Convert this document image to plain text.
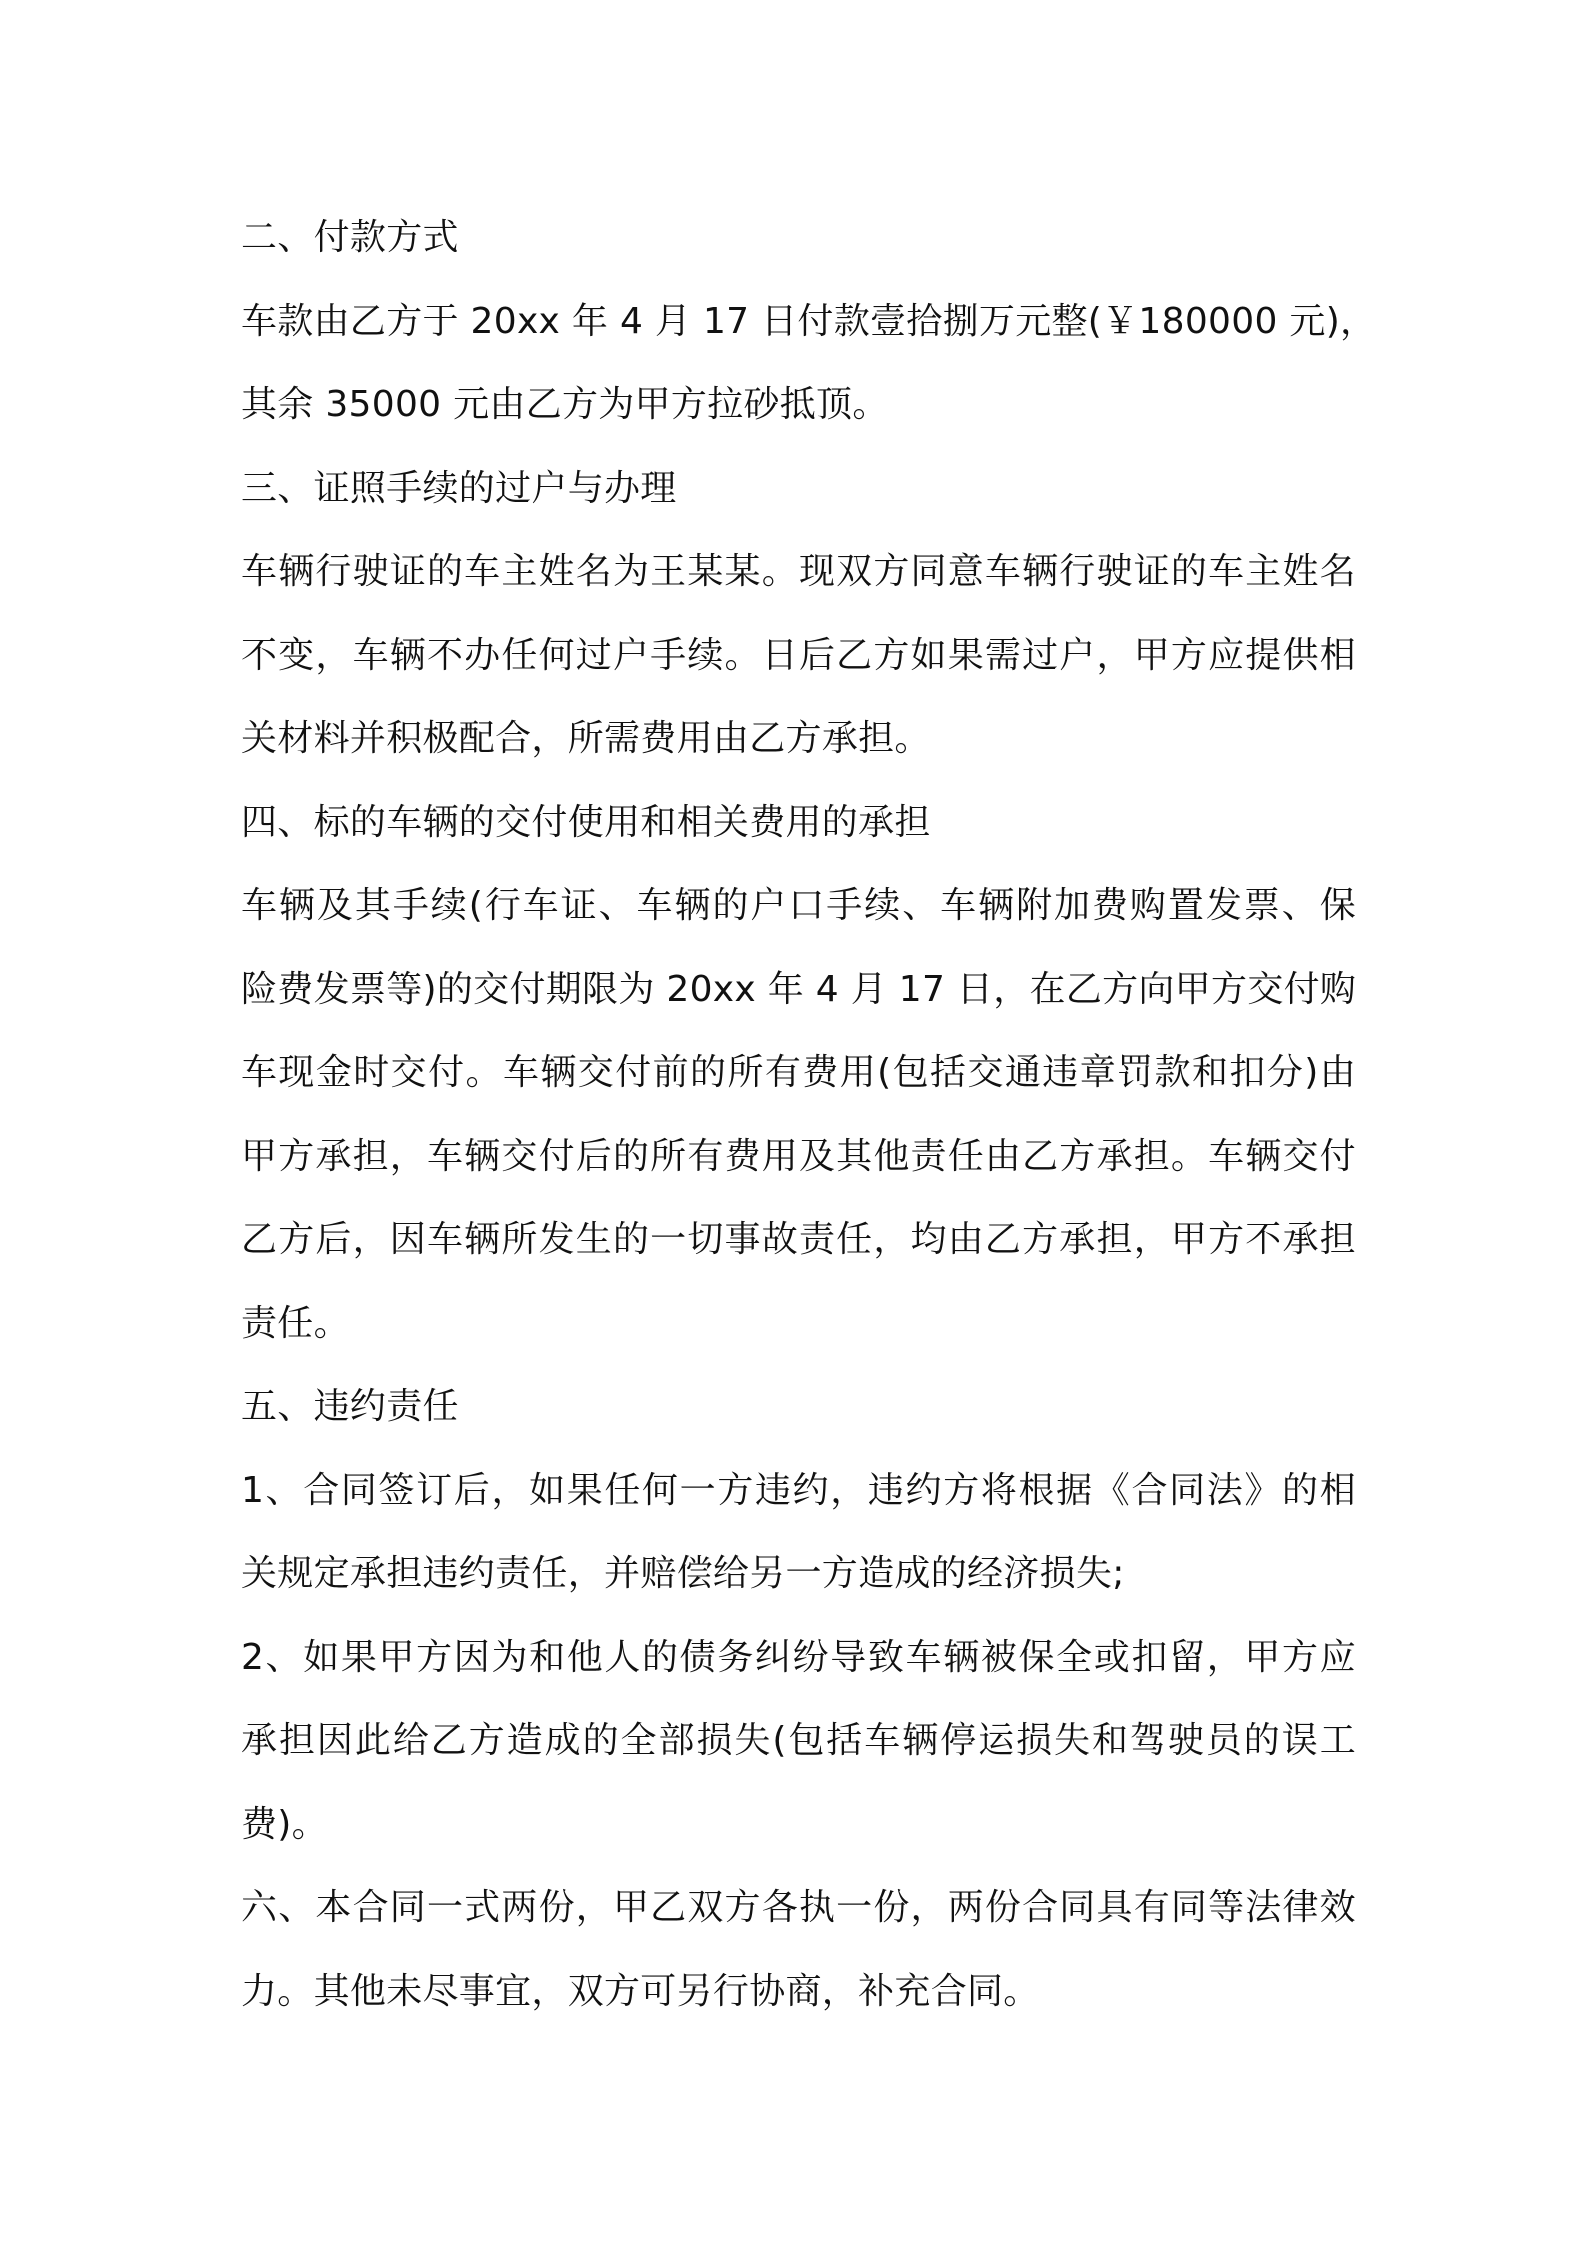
二、付款方式
车款由乙方于 20xx 年 4 月 17 日付款壹拾捌万元整(￥180000 元)，
其余 35000 元由乙方为甲方拉砂抵顶。
三、证照手续的过户与办理
车辆行驶证的车主姓名为王某某。现双方同意车辆行驶证的车主姓名
不变，车辆不办任何过户手续。日后乙方如果需过户，甲方应提供相
关材料并积极配合，所需费用由乙方承担。
四、标的车辆的交付使用和相关费用的承担
车辆及其手续(行车证、车辆的户口手续、车辆附加费购置发票、保
险费发票等)的交付期限为 20xx 年 4 月 17 日，在乙方向甲方交付购
车现金时交付。车辆交付前的所有费用(包括交通违章罚款和扣分)由
甲方承担，车辆交付后的所有费用及其他责任由乙方承担。车辆交付
乙方后，因车辆所发生的一切事故责任，均由乙方承担，甲方不承担
责任。
五、违约责任
1、合同签订后，如果任何一方违约，违约方将根据《合同法》的相
关规定承担违约责任，并赔偿给另一方造成的经济损失;
2、如果甲方因为和他人的债务纠纷导致车辆被保全或扣留，甲方应
承担因此给乙方造成的全部损失(包括车辆停运损失和驾驶员的误工
费)。
六、本合同一式两份，甲乙双方各执一份，两份合同具有同等法律效
力。其他未尽事宜，双方可另行协商，补充合同。
